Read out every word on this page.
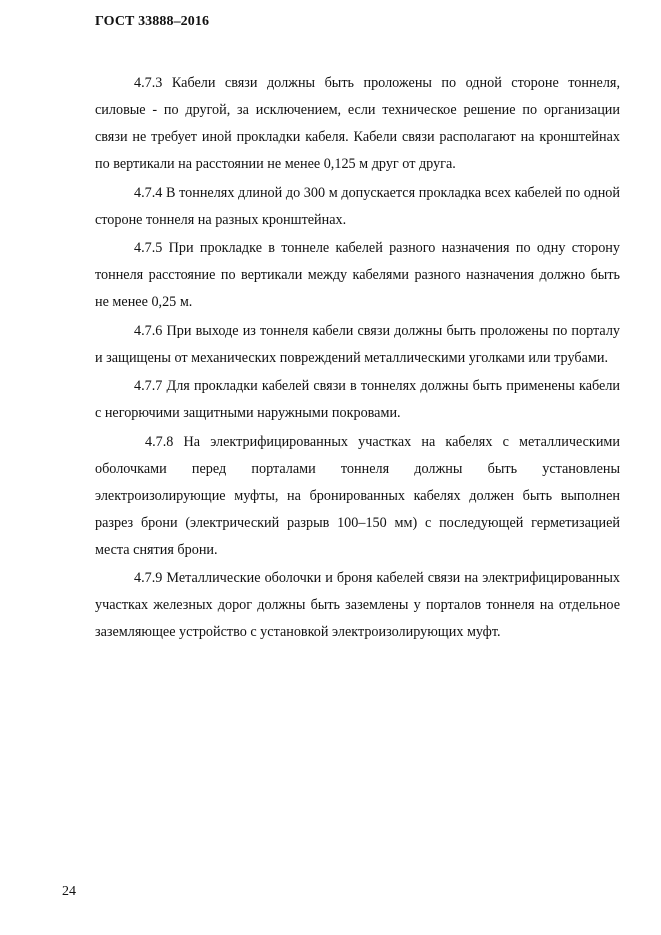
ГОСТ 33888–2016

4.7.3 Кабели связи должны быть проложены по одной стороне тоннеля, силовые - по другой, за исключением, если техническое решение по организации связи не требует иной прокладки кабеля. Кабели связи располагают на кронштейнах по вертикали на расстоянии не менее 0,125 м друг от друга.

4.7.4 В тоннелях длиной до 300 м допускается прокладка всех кабелей по одной стороне тоннеля на разных кронштейнах.

4.7.5 При прокладке в тоннеле кабелей разного назначения по одну сторону тоннеля расстояние по вертикали между кабелями разного назначения должно быть не менее 0,25 м.

4.7.6 При выходе из тоннеля кабели связи должны быть проложены по порталу и защищены от механических повреждений металлическими уголками или трубами.

4.7.7 Для прокладки кабелей связи в тоннелях должны быть применены кабели с негорючими защитными наружными покровами.

4.7.8 На электрифицированных участках на кабелях с металлическими оболочками перед порталами тоннеля должны быть установлены электроизолирующие муфты, на бронированных кабелях должен быть выполнен разрез брони (электрический разрыв 100–150 мм) с последующей герметизацией места снятия брони.

4.7.9 Металлические оболочки и броня кабелей связи на электрифицированных участках железных дорог должны быть заземлены у порталов тоннеля на отдельное заземляющее устройство с установкой электроизолирующих муфт.

24
